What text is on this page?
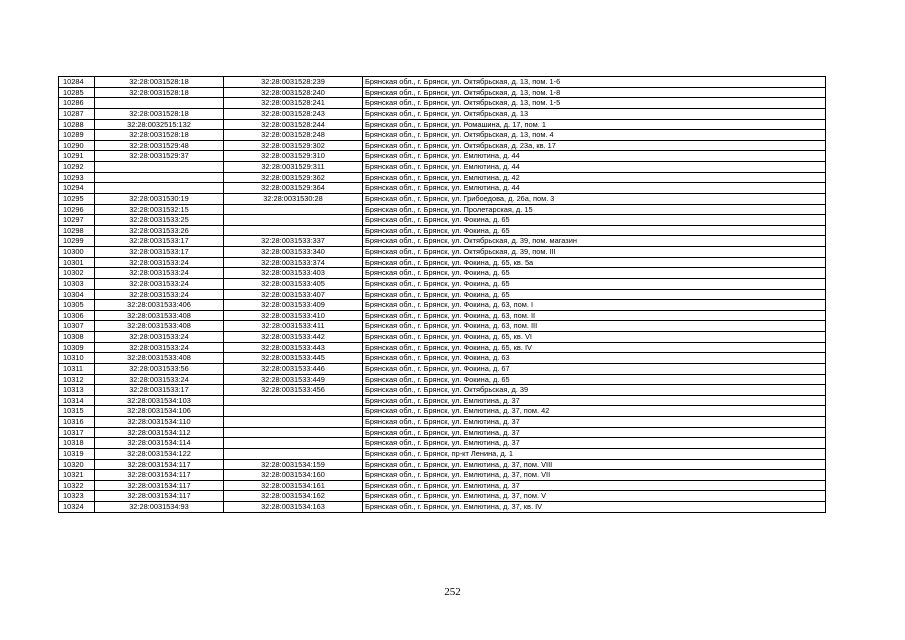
10284	32:28:0031528:18	32:28:0031528:239	Брянская обл., г. Брянск, ул. Октябрьская, д. 13, пом. 1-6
10285	32:28:0031528:18	32:28:0031528:240	Брянская обл., г. Брянск, ул. Октябрьская, д. 13, пом. 1-8
10286		32:28:0031528:241	Брянская обл., г. Брянск, ул. Октябрьская, д. 13, пом. 1-5
10287	32:28:0031528:18	32:28:0031528:243	Брянская обл., г. Брянск, ул. Октябрьская, д. 13
10288	32:28:0032515:132	32:28:0031528:244	Брянская обл., г. Брянск, ул. Ромашина, д. 17, пом. 1
10289	32:28:0031528:18	32:28:0031528:248	Брянская обл., г. Брянск, ул. Октябрьская, д. 13, пом. 4
10290	32:28:0031529:48	32:28:0031529:302	Брянская обл., г. Брянск, ул. Октябрьская, д. 23а, кв. 17
10291	32:28:0031529:37	32:28:0031529:310	Брянская обл., г. Брянск, ул. Емлютина, д. 44
10292		32:28:0031529:311	Брянская обл., г. Брянск, ул. Емлютина, д. 44
10293		32:28:0031529:362	Брянская обл., г. Брянск, ул. Емлютина, д. 42
10294		32:28:0031529:364	Брянская обл., г. Брянск, ул. Емлютина, д. 44
10295	32:28:0031530:19	32:28:0031530:28	Брянская обл., г. Брянск, ул. Грибоедова, д. 26а, пом. 3
10296	32:28:0031532:15		Брянская обл., г. Брянск, ул. Пролетарская, д. 15
10297	32:28:0031533:25		Брянская обл., г. Брянск, ул. Фокина, д. 65
10298	32:28:0031533:26		Брянская обл., г. Брянск, ул. Фокина, д. 65
10299	32:28:0031533:17	32:28:0031533:337	Брянская обл., г. Брянск, ул. Октябрьская, д. 39, пом. магазин
10300	32:28:0031533:17	32:28:0031533:340	Брянская обл., г. Брянск, ул. Октябрьская, д. 39, пом. III
10301	32:28:0031533:24	32:28:0031533:374	Брянская обл., г. Брянск, ул. Фокина, д. 65, кв. 5а
10302	32:28:0031533:24	32:28:0031533:403	Брянская обл., г. Брянск, ул. Фокина, д. 65
10303	32:28:0031533:24	32:28:0031533:405	Брянская обл., г. Брянск, ул. Фокина, д. 65
10304	32:28:0031533:24	32:28:0031533:407	Брянская обл., г. Брянск, ул. Фокина, д. 65
10305	32:28:0031533:406	32:28:0031533:409	Брянская обл., г. Брянск, ул. Фокина, д. 63, пом. I
10306	32:28:0031533:408	32:28:0031533:410	Брянская обл., г. Брянск, ул. Фокина, д. 63, пом. II
10307	32:28:0031533:408	32:28:0031533:411	Брянская обл., г. Брянск, ул. Фокина, д. 63, пом. III
10308	32:28:0031533:24	32:28:0031533:442	Брянская обл., г. Брянск, ул. Фокина, д. 65, кв. VI
10309	32:28:0031533:24	32:28:0031533:443	Брянская обл., г. Брянск, ул. Фокина, д. 65, кв. IV
10310	32:28:0031533:408	32:28:0031533:445	Брянская обл., г. Брянск, ул. Фокина, д. 63
10311	32:28:0031533:56	32:28:0031533:446	Брянская обл., г. Брянск, ул. Фокина, д. 67
10312	32:28:0031533:24	32:28:0031533:449	Брянская обл., г. Брянск, ул. Фокина, д. 65
10313	32:28:0031533:17	32:28:0031533:456	Брянская обл., г. Брянск, ул. Октябрьская, д. 39
10314	32:28:0031534:103		Брянская обл., г. Брянск, ул. Емлютина, д. 37
10315	32:28:0031534:106		Брянская обл., г. Брянск, ул. Емлютина, д. 37, пом. 42
10316	32:28:0031534:110		Брянская обл., г. Брянск, ул. Емлютина, д. 37
10317	32:28:0031534:112		Брянская обл., г. Брянск, ул. Емлютина, д. 37
10318	32:28:0031534:114		Брянская обл., г. Брянск, ул. Емлютина, д. 37
10319	32:28:0031534:122		Брянская обл., г. Брянск, пр-кт Ленина, д. 1
10320	32:28:0031534:117	32:28:0031534:159	Брянская обл., г. Брянск, ул. Емлютина, д. 37, пом. VIII
10321	32:28:0031534:117	32:28:0031534:160	Брянская обл., г. Брянск, ул. Емлютина, д. 37, пом. VII
10322	32:28:0031534:117	32:28:0031534:161	Брянская обл., г. Брянск, ул. Емлютина, д. 37
10323	32:28:0031534:117	32:28:0031534:162	Брянская обл., г. Брянск, ул. Емлютина, д. 37, пом. V
10324	32:28:0031534:93	32:28:0031534:163	Брянская обл., г. Брянск, ул. Емлютина, д. 37, кв. IV
252
